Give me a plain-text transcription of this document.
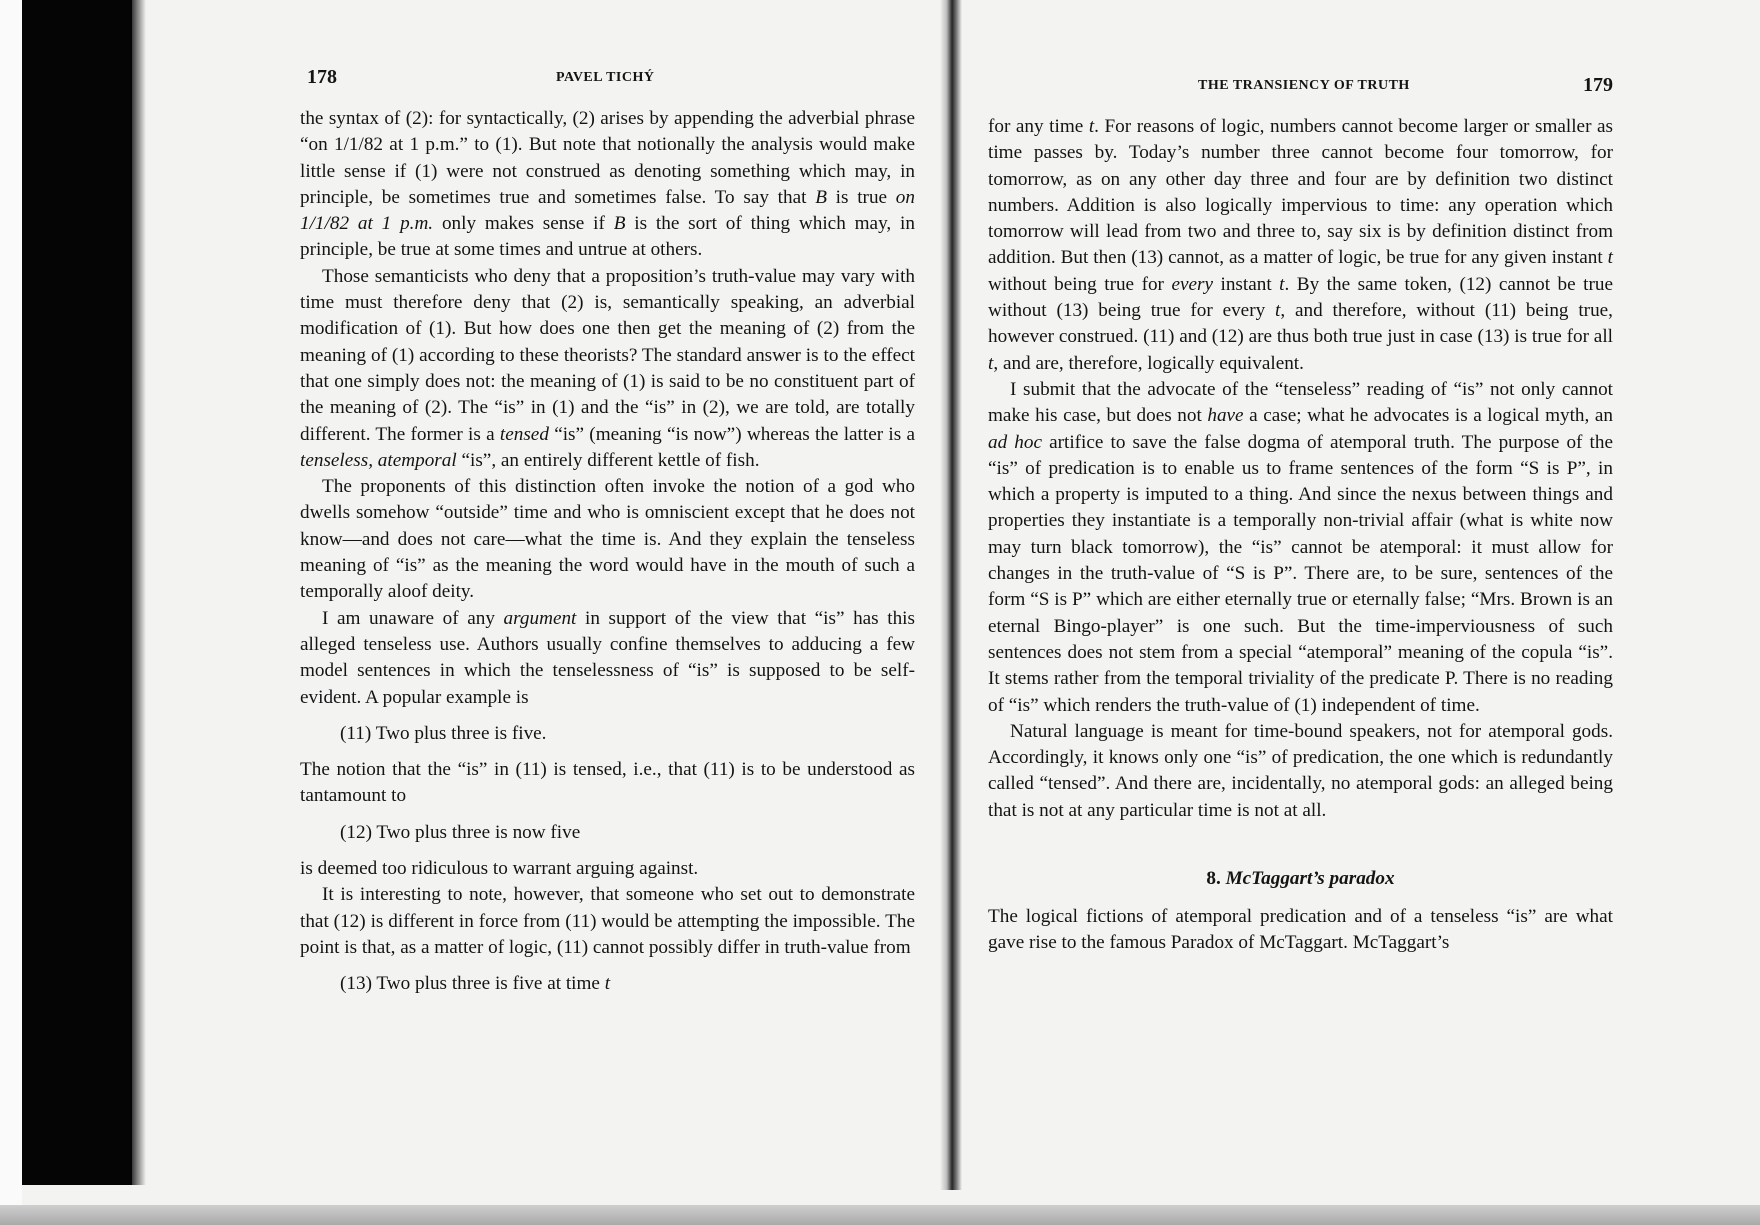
178	PAVEL TICHÝ

the syntax of (2): for syntactically, (2) arises by appending the adverbial phrase “on 1/1/82 at 1 p.m.” to (1). But note that notionally the analysis would make little sense if (1) were not construed as denoting something which may, in principle, be sometimes true and sometimes false. To say that B is true on 1/1/82 at 1 p.m. only makes sense if B is the sort of thing which may, in principle, be true at some times and untrue at others.

Those semanticists who deny that a proposition’s truth-value may vary with time must therefore deny that (2) is, semantically speaking, an adverbial modification of (1). But how does one then get the meaning of (2) from the meaning of (1) according to these theorists? The standard answer is to the effect that one simply does not: the meaning of (1) is said to be no constituent part of the meaning of (2). The “is” in (1) and the “is” in (2), we are told, are totally different. The former is a tensed “is” (meaning “is now”) whereas the latter is a tenseless, atemporal “is”, an entirely different kettle of fish.

The proponents of this distinction often invoke the notion of a god who dwells somehow “outside” time and who is omniscient except that he does not know—and does not care—what the time is. And they explain the tenseless meaning of “is” as the meaning the word would have in the mouth of such a temporally aloof deity.

I am unaware of any argument in support of the view that “is” has this alleged tenseless use. Authors usually confine themselves to adducing a few model sentences in which the tenselessness of “is” is supposed to be self-evident. A popular example is

(11) Two plus three is five.

The notion that the “is” in (11) is tensed, i.e., that (11) is to be understood as tantamount to

(12) Two plus three is now five

is deemed too ridiculous to warrant arguing against.

It is interesting to note, however, that someone who set out to demonstrate that (12) is different in force from (11) would be attempting the impossible. The point is that, as a matter of logic, (11) cannot possibly differ in truth-value from

(13) Two plus three is five at time t
THE TRANSIENCY OF TRUTH	179

for any time t. For reasons of logic, numbers cannot become larger or smaller as time passes by. Today’s number three cannot become four tomorrow, for tomorrow, as on any other day three and four are by definition two distinct numbers. Addition is also logically impervious to time: any operation which tomorrow will lead from two and three to, say six is by definition distinct from addition. But then (13) cannot, as a matter of logic, be true for any given instant t without being true for every instant t. By the same token, (12) cannot be true without (13) being true for every t, and therefore, without (11) being true, however construed. (11) and (12) are thus both true just in case (13) is true for all t, and are, therefore, logically equivalent.

I submit that the advocate of the “tenseless” reading of “is” not only cannot make his case, but does not have a case; what he advocates is a logical myth, an ad hoc artifice to save the false dogma of atemporal truth. The purpose of the “is” of predication is to enable us to frame sentences of the form “S is P”, in which a property is imputed to a thing. And since the nexus between things and properties they instantiate is a temporally non-trivial affair (what is white now may turn black tomorrow), the “is” cannot be atemporal: it must allow for changes in the truth-value of “S is P”. There are, to be sure, sentences of the form “S is P” which are either eternally true or eternally false; “Mrs. Brown is an eternal Bingo-player” is one such. But the time-imperviousness of such sentences does not stem from a special “atemporal” meaning of the copula “is”. It stems rather from the temporal triviality of the predicate P. There is no reading of “is” which renders the truth-value of (1) independent of time.

Natural language is meant for time-bound speakers, not for atemporal gods. Accordingly, it knows only one “is” of predication, the one which is redundantly called “tensed”. And there are, incidentally, no atemporal gods: an alleged being that is not at any particular time is not at all.

8. McTaggart’s paradox

The logical fictions of atemporal predication and of a tenseless “is” are what gave rise to the famous Paradox of McTaggart. McTaggart’s
